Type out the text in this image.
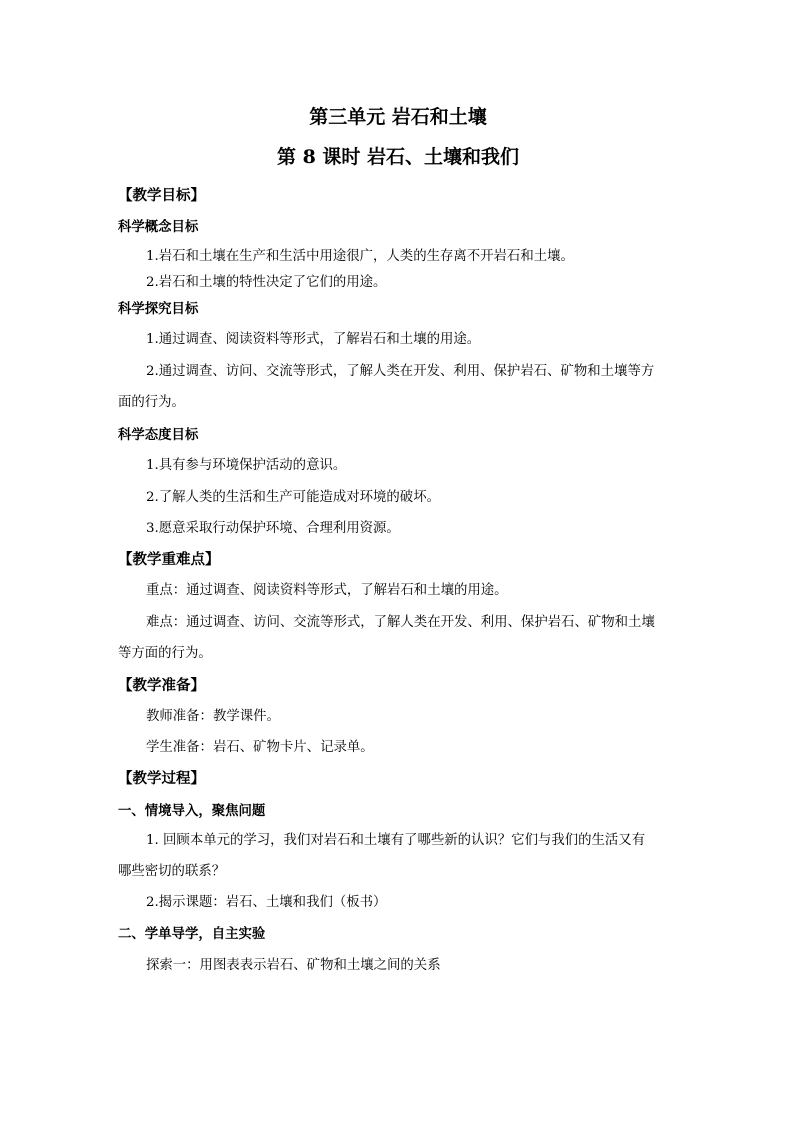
第三单元 岩石和土壤
第 8 课时 岩石、土壤和我们
【教学目标】
科学概念目标
1.岩石和土壤在生产和生活中用途很广，人类的生存离不开岩石和土壤。
2.岩石和土壤的特性决定了它们的用途。
科学探究目标
1.通过调查、阅读资料等形式，了解岩石和土壤的用途。
2.通过调查、访问、交流等形式，了解人类在开发、利用、保护岩石、矿物和土壤等方
面的行为。
科学态度目标
1.具有参与环境保护活动的意识。
2.了解人类的生活和生产可能造成对环境的破坏。
3.愿意采取行动保护环境、合理利用资源。
【教学重难点】
重点：通过调查、阅读资料等形式，了解岩石和土壤的用途。
难点：通过调查、访问、交流等形式，了解人类在开发、利用、保护岩石、矿物和土壤
等方面的行为。
【教学准备】
教师准备：教学课件。
学生准备：岩石、矿物卡片、记录单。
【教学过程】
一、情境导入，聚焦问题
1. 回顾本单元的学习，我们对岩石和土壤有了哪些新的认识？它们与我们的生活又有
哪些密切的联系？
2.揭示课题：岩石、土壤和我们（板书）
二、学单导学，自主实验
探索一：用图表表示岩石、矿物和土壤之间的关系
